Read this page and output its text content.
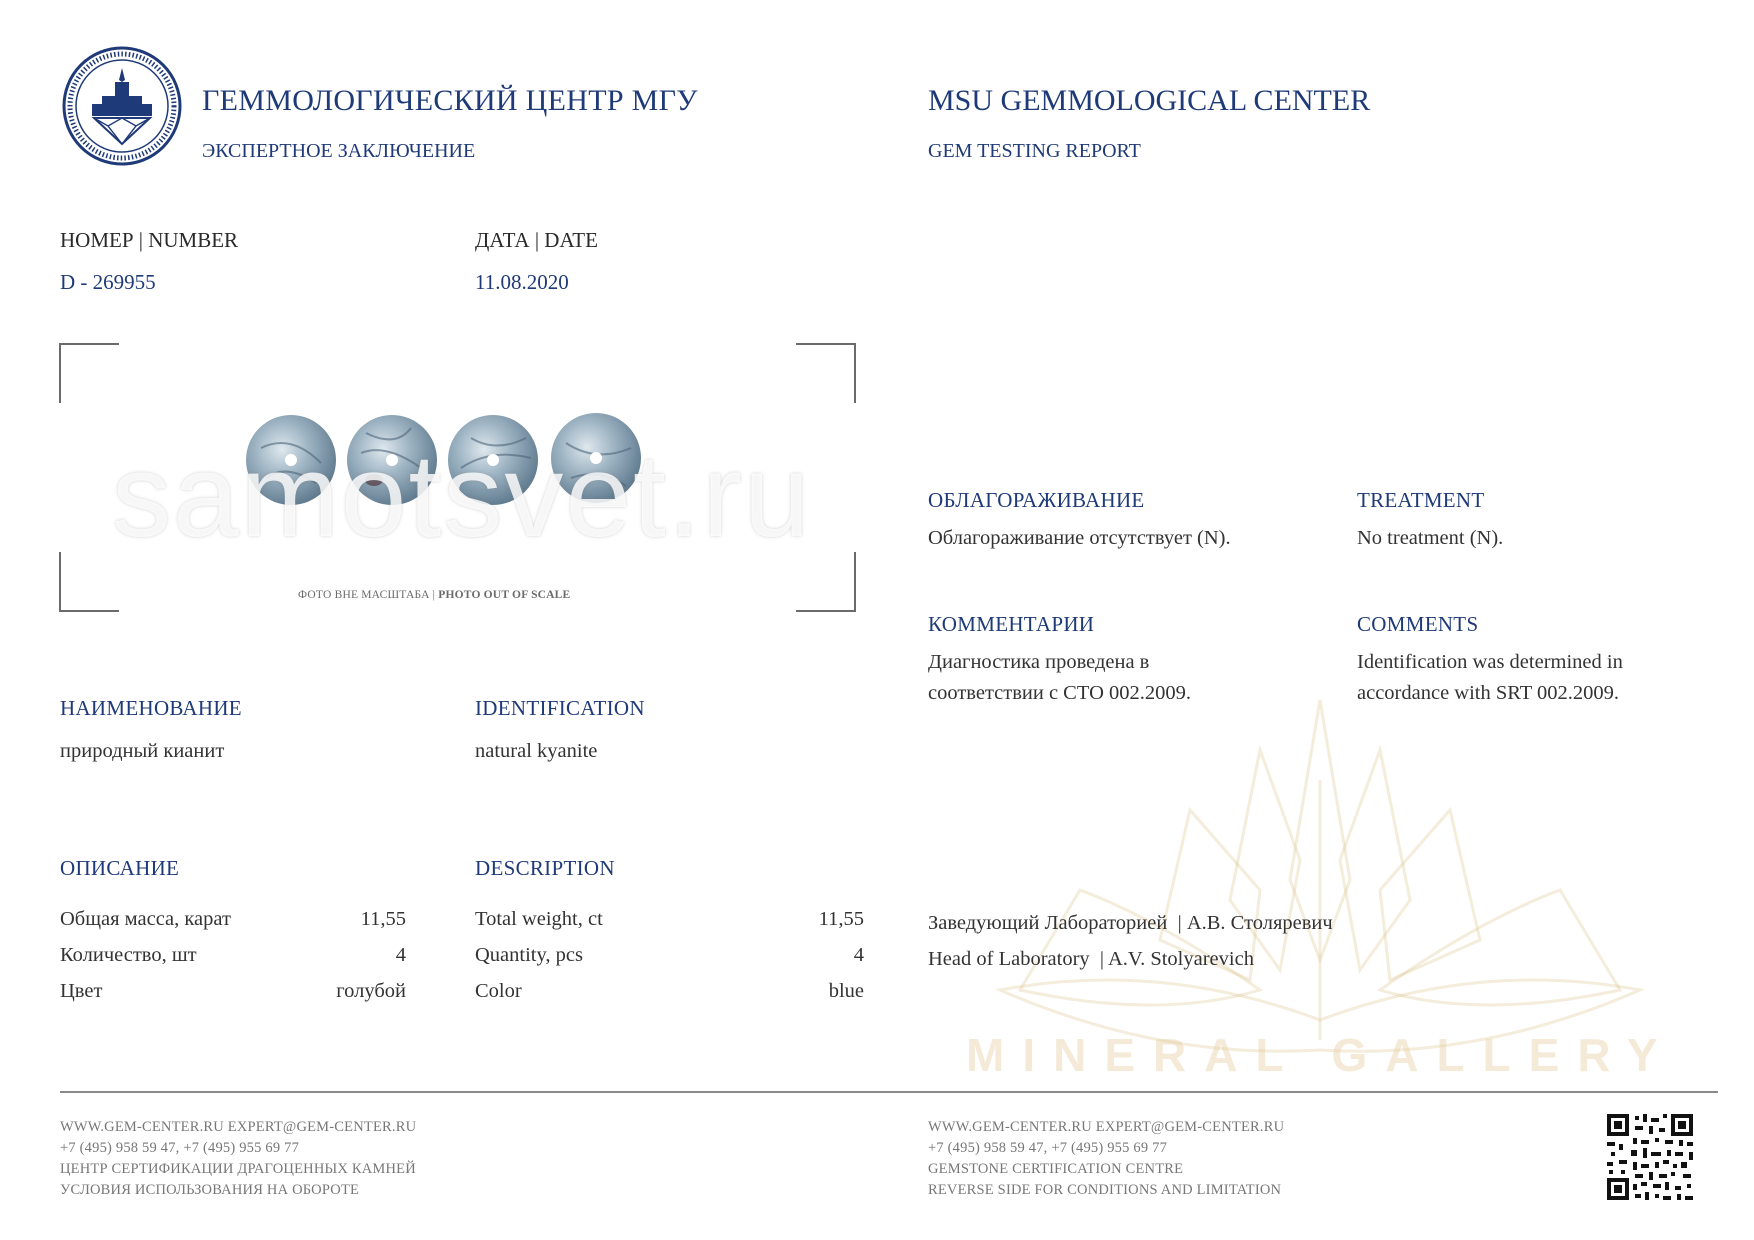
MINERAL GALLERY
ГЕММОЛОГИЧЕСКИЙ ЦЕНТР МГУ
ЭКСПЕРТНОЕ ЗАКЛЮЧЕНИЕ
MSU GEMMOLOGICAL CENTER
GEM TESTING REPORT
НОМЕР | NUMBER
D - 269955
ДАТА | DATE
11.08.2020
samotsvet.ru
ФОТО ВНЕ МАСШТАБА | PHOTO OUT OF SCALE
НАИМЕНОВАНИЕ
природный кианит
IDENTIFICATION
natural kyanite
ОПИСАНИЕ	DESCRIPTION
Общая масса, карат	11,55
Количество, шт	4
Цвет	голубой
Total weight, ct	11,55
Quantity, pcs	4
Color	blue
ОБЛАГОРАЖИВАНИЕ
Облагораживание отсутствует (N).
TREATMENT
No treatment (N).
КОММЕНТАРИИ
Диагностика проведена в соответствии с СТО 002.2009.
COMMENTS
Identification was determined in accordance with SRT 002.2009.
Заведующий Лабораторией  | А.В. Столяревич
Head of Laboratory  | A.V. Stolyarevich
WWW.GEM-CENTER.RU EXPERT@GEM-CENTER.RU
+7 (495) 958 59 47, +7 (495) 955 69 77
ЦЕНТР СЕРТИФИКАЦИИ ДРАГОЦЕННЫХ КАМНЕЙ
УСЛОВИЯ ИСПОЛЬЗОВАНИЯ НА ОБОРОТЕ
WWW.GEM-CENTER.RU EXPERT@GEM-CENTER.RU
+7 (495) 958 59 47, +7 (495) 955 69 77
GEMSTONE CERTIFICATION CENTRE
REVERSE SIDE FOR CONDITIONS AND LIMITATION
